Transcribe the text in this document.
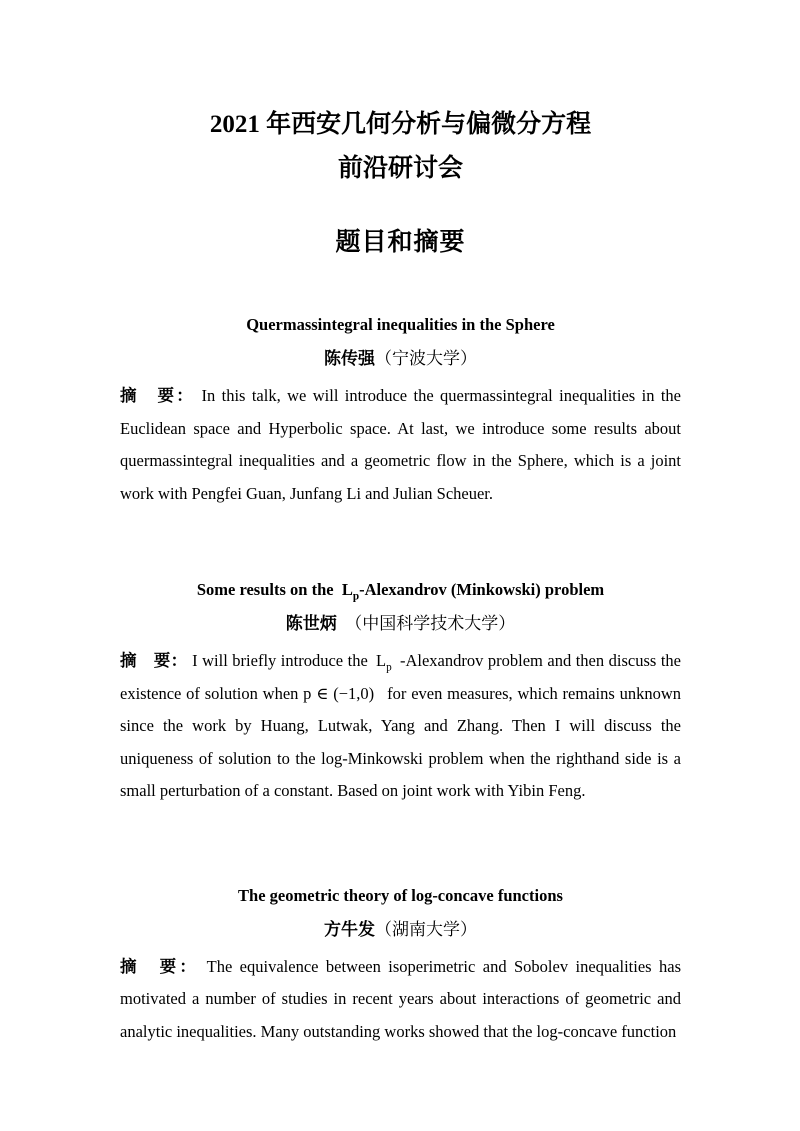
2021 年西安几何分析与偏微分方程
前沿研讨会
题目和摘要
Quermassintegral inequalities in the Sphere

陈传强（宁波大学）

摘　要： In this talk, we will introduce the quermassintegral inequalities in the Euclidean space and Hyperbolic space. At last, we introduce some results about quermassintegral inequalities and a geometric flow in the Sphere, which is a joint work with Pengfei Guan, Junfang Li and Julian Scheuer.

Some results on the $L_p$-Alexandrov (Minkowski) problem

陈世炳 （中国科学技术大学）

摘　要： I will briefly introduce the $L_p$ -Alexandrov problem and then discuss the existence of solution when p ∈ (−1,0)  for even measures, which remains unknown since the work by Huang, Lutwak, Yang and Zhang. Then I will discuss the uniqueness of solution to the log-Minkowski problem when the righthand side is a small perturbation of a constant. Based on joint work with Yibin Feng.

The geometric theory of log-concave functions

方牛发（湖南大学）

摘　要： The equivalence between isoperimetric and Sobolev inequalities has motivated a number of studies in recent years about interactions of geometric and analytic inequalities. Many outstanding works showed that the log-concave function
